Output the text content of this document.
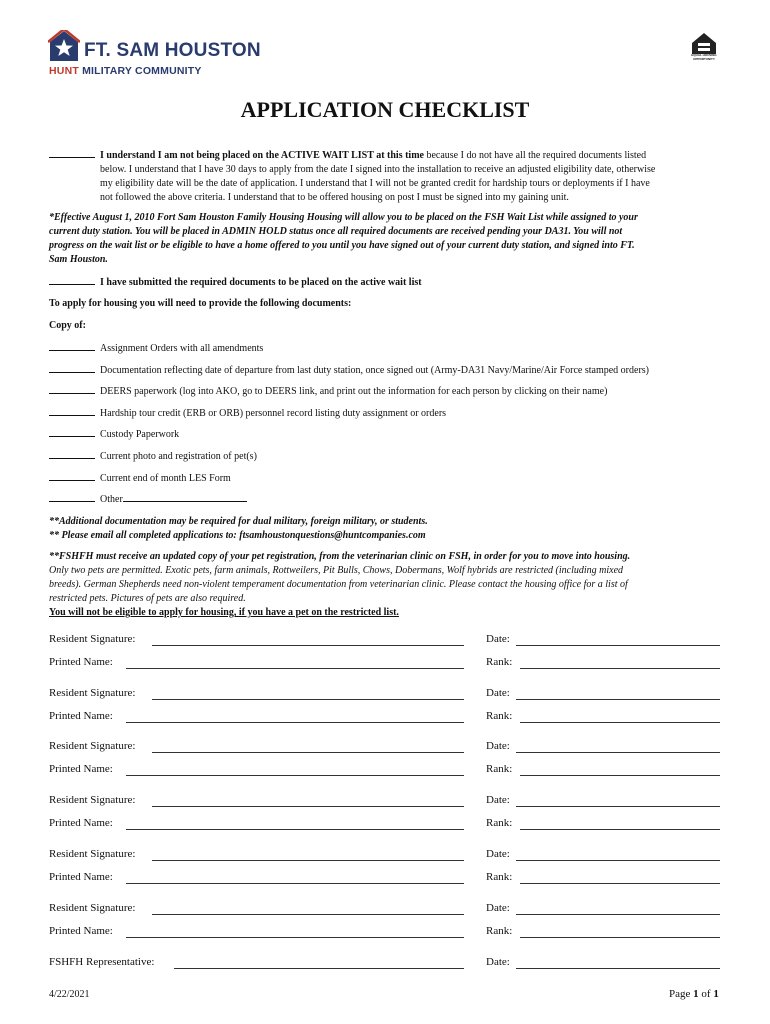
FT. SAM HOUSTON
HUNT MILITARY COMMUNITY
EQUAL HOUSING OPPORTUNITY
APPLICATION CHECKLIST
I understand I am not being placed on the ACTIVE WAIT LIST at this time because I do not have all the required documents listed
below. I understand that I have 30 days to apply from the date I signed into the installation to receive an adjusted eligibility date, otherwise
my eligibility date will be the date of application. I understand that I will not be granted credit for hardship tours or deployments if I have
not followed the above criteria. I understand that to be offered housing on post I must be signed into my gaining unit.
*Effective August 1, 2010 Fort Sam Houston Family Housing Housing will allow you to be placed on the FSH Wait List while assigned to your
current duty station. You will be placed in ADMIN HOLD status once all required documents are received pending your DA31. You will not
progress on the wait list or be eligible to have a home offered to you until you have signed out of your current duty station, and signed into FT.
Sam Houston.
I have submitted the required documents to be placed on the active wait list
To apply for housing you will need to provide the following documents:
Copy of:
Assignment Orders with all amendments
Documentation reflecting date of departure from last duty station, once signed out (Army-DA31 Navy/Marine/Air Force stamped orders)
DEERS paperwork (log into AKO, go to DEERS link, and print out the information for each person by clicking on their name)
Hardship tour credit (ERB or ORB) personnel record listing duty assignment or orders
Custody Paperwork
Current photo and registration of pet(s)
Current end of month LES Form
Other
**Additional documentation may be required for dual military, foreign military, or students.
** Please email all completed applications to: ftsamhoustonquestions@huntcompanies.com
**FSHFH must receive an updated copy of your pet registration, from the veterinarian clinic on FSH, in order for you to move into housing.
Only two pets are permitted. Exotic pets, farm animals, Rottweilers, Pit Bulls, Chows, Dobermans, Wolf hybrids are restricted (including mixed
breeds). German Shepherds need non-violent temperament documentation from veterinarian clinic. Please contact the housing office for a list of
restricted pets. Pictures of pets are also required.
You will not be eligible to apply for housing, if you have a pet on the restricted list.
Resident Signature:	Date:
Printed Name:	Rank:
Resident Signature:	Date:
Printed Name:	Rank:
Resident Signature:	Date:
Printed Name:	Rank:
Resident Signature:	Date:
Printed Name:	Rank:
Resident Signature:	Date:
Printed Name:	Rank:
Resident Signature:	Date:
Printed Name:	Rank:
FSHFH Representative:	Date:
4/22/2021	Page 1 of 1
